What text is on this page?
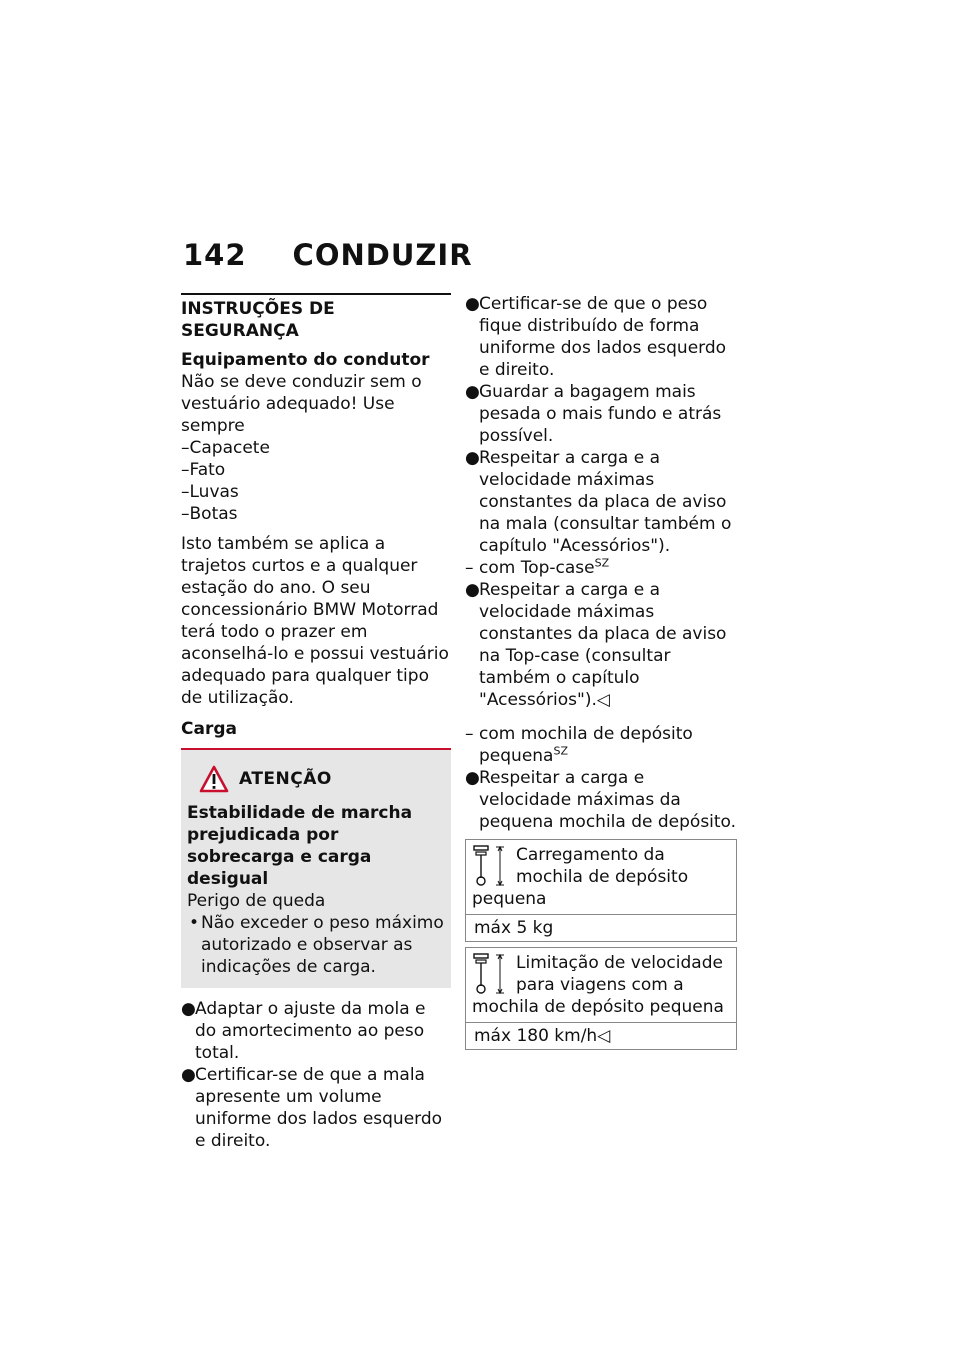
142 CONDUZIR
INSTRUÇÕES DE SEGURANÇA
Equipamento do condutor

Não se deve conduzir sem o vestuário adequado! Use sempre

–Capacete
–Fato
–Luvas
–Botas

Isto também se aplica a trajetos curtos e a qualquer estação do ano. O seu concessionário BMW Motorrad terá todo o prazer em aconselhá-lo e possui vestuário adequado para qualquer tipo de utilização.

Carga
ATENÇÃO
Estabilidade de marcha prejudicada por sobrecarga e carga desigual
Perigo de queda
• Não exceder o peso máximo autorizado e observar as indicações de carga.
● Adaptar o ajuste da mola e do amortecimento ao peso total.
● Certificar-se de que a mala apresente um volume uniforme dos lados esquerdo e direito.
● Certificar-se de que o peso fique distribuído de forma uniforme dos lados esquerdo e direito.
● Guardar a bagagem mais pesada o mais fundo e atrás possível.
● Respeitar a carga e a velocidade máximas constantes da placa de aviso na mala (consultar também o capítulo "Acessórios").
– com Top-case$^{SZ}$
● Respeitar a carga e a velocidade máximas constantes da placa de aviso na Top-case (consultar também o capítulo "Acessórios").◁
– com mochila de depósito pequena$^{SZ}$
● Respeitar a carga e velocidade máximas da pequena mochila de depósito.
Carregamento da mochila de depósito pequena
máx 5 kg
Limitação de velocidade para viagens com a mochila de depósito pequena
máx 180 km/h◁
